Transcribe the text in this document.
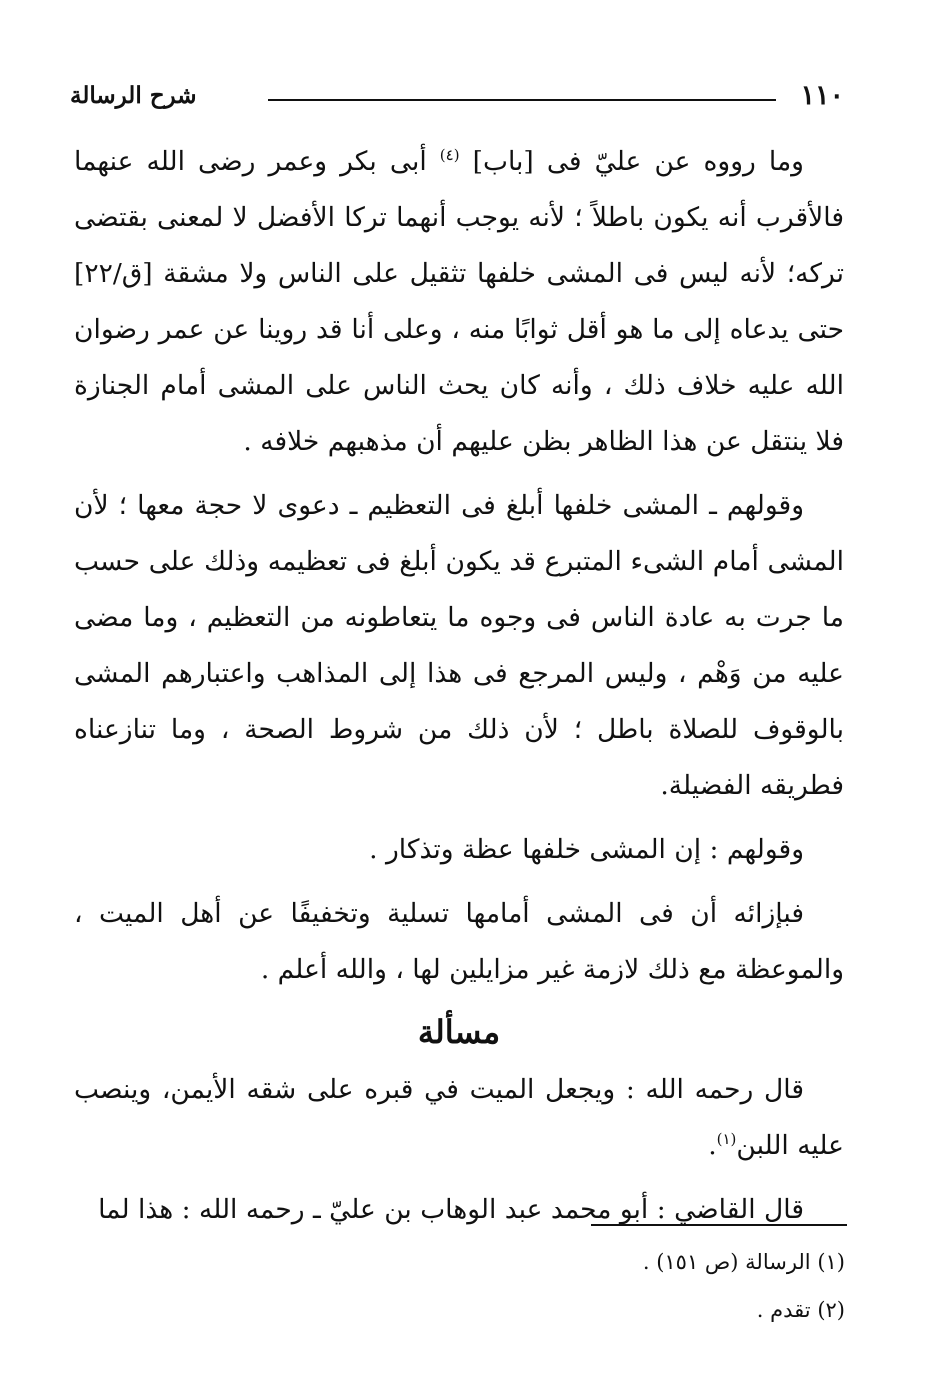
١١٠
شرح الرسالة

وما رووه عن عليّ فى [باب] $^{(٤)}$ أبى بكر وعمر رضى الله عنهما فالأقرب أنه يكون باطلاً ؛ لأنه يوجب أنهما تركا الأفضل لا لمعنى بقتضى تركه؛ لأنه ليس فى المشى خلفها تثقيل على الناس ولا مشقة [ق/٢٢] حتى يدعاه إلى ما هو أقل ثوابًا منه ، وعلى أنا قد روينا عن عمر رضوان الله عليه خلاف ذلك ، وأنه كان يحث الناس على المشى أمام الجنازة فلا ينتقل عن هذا الظاهر بظن عليهم أن مذهبهم خلافه .

وقولهم ـ المشى خلفها أبلغ فى التعظيم ـ دعوى لا حجة معها ؛ لأن المشى أمام الشىء المتبرع قد يكون أبلغ فى تعظيمه وذلك على حسب ما جرت به عادة الناس فى وجوه ما يتعاطونه من التعظيم ، وما مضى عليه من وَهْم ، وليس المرجع فى هذا إلى المذاهب واعتبارهم المشى بالوقوف للصلاة باطل ؛ لأن ذلك من شروط الصحة ، وما تنازعناه فطريقه الفضيلة.

وقولهم : إن المشى خلفها عظة وتذكار .

فبإزائه أن فى المشى أمامها تسلية وتخفيفًا عن أهل الميت ، والموعظة مع ذلك لازمة غير مزايلين لها ، والله أعلم .

مسألة

قال رحمه الله : ويجعل الميت في قبره على شقه الأيمن، وينصب عليه اللبن$^{(١)}$.

قال القاضي : أبو محمد عبد الوهاب بن عليّ ـ رحمه الله : هذا لما

(١) الرسالة (ص ١٥١) .

(٢) تقدم .
